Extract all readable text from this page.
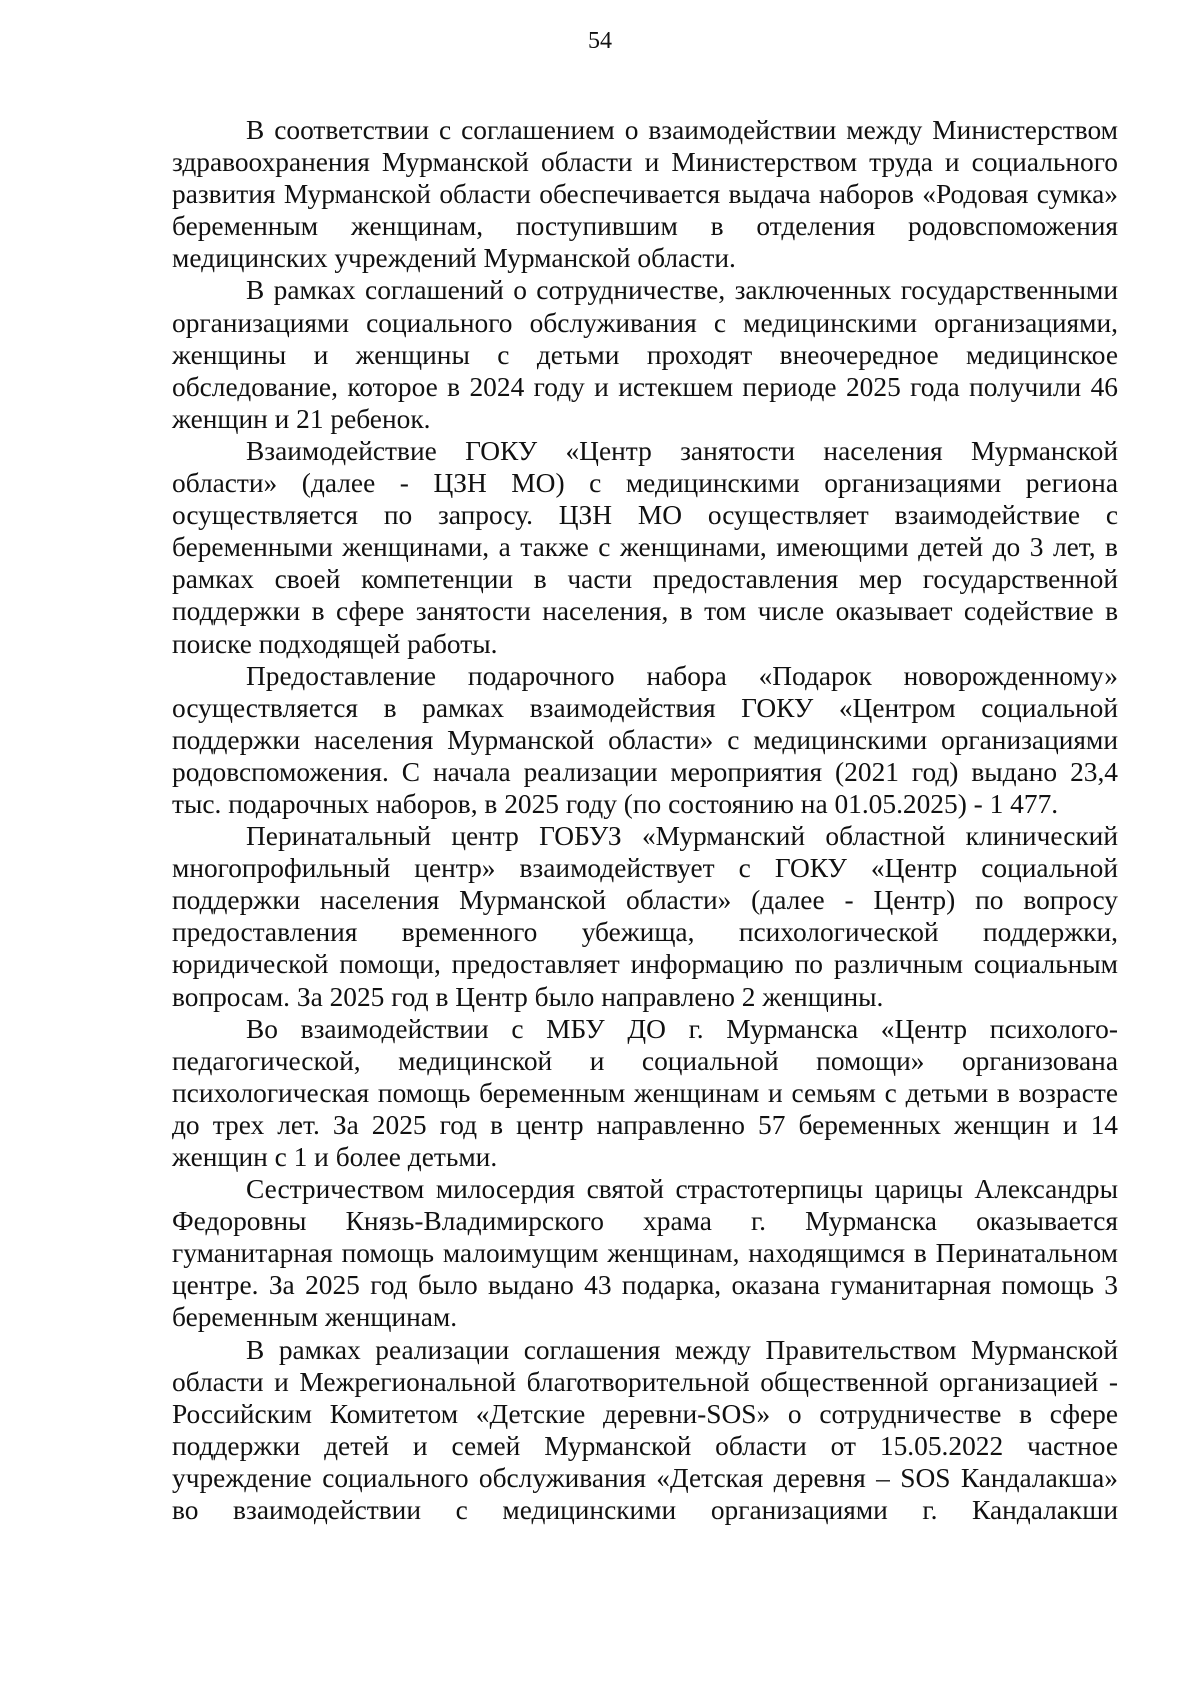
54

В соответствии с соглашением о взаимодействии между Министерством здравоохранения Мурманской области и Министерством труда и социального развития Мурманской области обеспечивается выдача наборов «Родовая сумка» беременным женщинам, поступившим в отделения родовспоможения медицинских учреждений Мурманской области.

В рамках соглашений о сотрудничестве, заключенных государственными организациями социального обслуживания с медицинскими организациями, женщины и женщины с детьми проходят внеочередное медицинское обследование, которое в 2024 году и истекшем периоде 2025 года получили 46 женщин и 21 ребенок.

Взаимодействие ГОКУ «Центр занятости населения Мурманской области» (далее - ЦЗН МО) с медицинскими организациями региона осуществляется по запросу. ЦЗН МО осуществляет взаимодействие с беременными женщинами, а также с женщинами, имеющими детей до 3 лет, в рамках своей компетенции в части предоставления мер государственной поддержки в сфере занятости населения, в том числе оказывает содействие в поиске подходящей работы.

Предоставление подарочного набора «Подарок новорожденному» осуществляется в рамках взаимодействия ГОКУ «Центром социальной поддержки населения Мурманской области» с медицинскими организациями родовспоможения. С начала реализации мероприятия (2021 год) выдано 23,4 тыс. подарочных наборов, в 2025 году (по состоянию на 01.05.2025) - 1 477.

Перинатальный центр ГОБУЗ «Мурманский областной клинический многопрофильный центр» взаимодействует с ГОКУ «Центр социальной поддержки населения Мурманской области» (далее - Центр) по вопросу предоставления временного убежища, психологической поддержки, юридической помощи, предоставляет информацию по различным социальным вопросам. За 2025 год в Центр было направлено 2 женщины.

Во взаимодействии с МБУ ДО г. Мурманска «Центр психолого-педагогической, медицинской и социальной помощи» организована психологическая помощь беременным женщинам и семьям с детьми в возрасте до трех лет. За 2025 год в центр направленно 57 беременных женщин и 14 женщин с 1 и более детьми.

Сестричеством милосердия святой страстотерпицы царицы Александры Федоровны Князь-Владимирского храма г. Мурманска оказывается гуманитарная помощь малоимущим женщинам, находящимся в Перинатальном центре. За 2025 год было выдано 43 подарка, оказана гуманитарная помощь 3 беременным женщинам.

В рамках реализации соглашения между Правительством Мурманской области и Межрегиональной благотворительной общественной организацией - Российским Комитетом «Детские деревни-SOS» о сотрудничестве в сфере поддержки детей и семей Мурманской области от 15.05.2022 частное учреждение социального обслуживания «Детская деревня – SOS Кандалакша» во взаимодействии с медицинскими организациями г. Кандалакши
